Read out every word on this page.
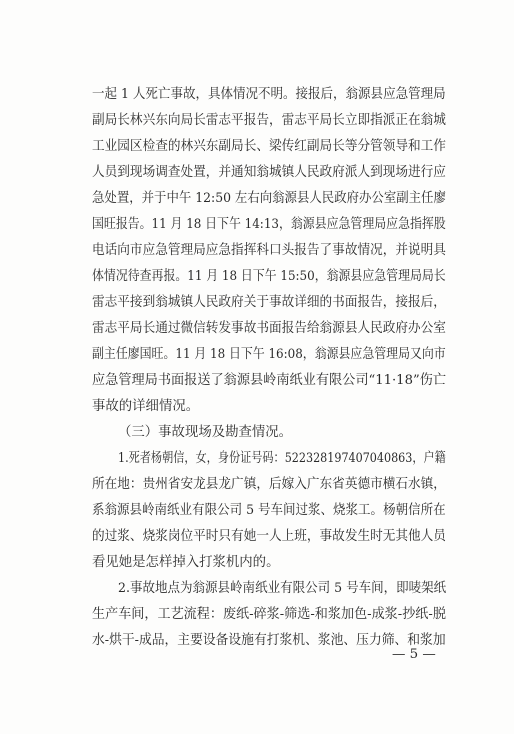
一起 1 人死亡事故，具体情况不明。接报后，翁源县应急管理局
副局长林兴东向局长雷志平报告，雷志平局长立即指派正在翁城
工业园区检查的林兴东副局长、梁传红副局长等分管领导和工作
人员到现场调查处置，并通知翁城镇人民政府派人到现场进行应
急处置，并于中午 12:50 左右向翁源县人民政府办公室副主任廖
国旺报告。11 月 18 日下午 14:13，翁源县应急管理局应急指挥股
电话向市应急管理局应急指挥科口头报告了事故情况，并说明具
体情况待查再报。11 月 18 日下午 15:50，翁源县应急管理局局长
雷志平接到翁城镇人民政府关于事故详细的书面报告，接报后，
雷志平局长通过微信转发事故书面报告给翁源县人民政府办公室
副主任廖国旺。11 月 18 日下午 16:08，翁源县应急管理局又向市
应急管理局书面报送了翁源县岭南纸业有限公司“11·18”伤亡
事故的详细情况。
（三）事故现场及勘查情况。
1.死者杨朝信，女，身份证号码：522328197407040863，户籍
所在地：贵州省安龙县龙广镇，后嫁入广东省英德市横石水镇，
系翁源县岭南纸业有限公司 5 号车间过浆、烧浆工。杨朝信所在
的过浆、烧浆岗位平时只有她一人上班，事故发生时无其他人员
看见她是怎样掉入打浆机内的。
2.事故地点为翁源县岭南纸业有限公司 5 号车间，即唛架纸
生产车间，工艺流程：废纸-碎浆-筛选-和浆加色-成浆-抄纸-脱
水-烘干-成品，主要设备设施有打浆机、浆池、压力筛、和浆加
— 5 —
